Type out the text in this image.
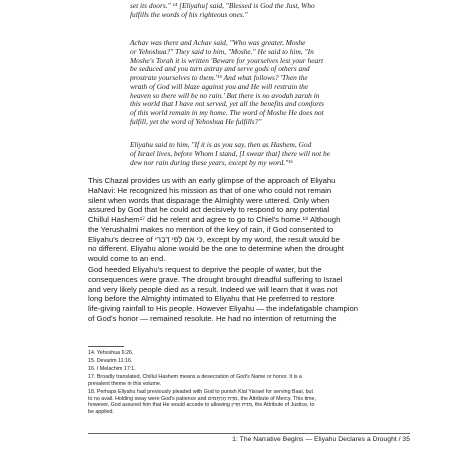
set its doors." ¹⁴ [Eliyahu] said, "Blessed is God the Just, Who
fulfills the words of his righteous ones."

Achav was there and Achav said, "Who was greater, Moshe
or Yehoshua?" They said to him, "Moshe." He said to him, "In
Moshe's Torah it is written 'Beware for yourselves lest your heart
be seduced and you turn astray and serve gods of others and
prostrate yourselves to them.'¹⁵ And what follows? 'Then the
wrath of God will blaze against you and He will restrain the
heaven so there will be no rain.' But there is no avodah zarah in
this world that I have not served, yet all the benefits and comforts
of this world remain in my home. The word of Moshe He does not
fulfill, yet the word of Yehoshua He fulfills?"

Eliyahu said to him, "If it is as you say, then as Hashem, God
of Israel lives, before Whom I stand, [I swear that] there will not be
dew nor rain during these years, except by my word."¹⁶

This Chazal provides us with an early glimpse of the approach of Eliyahu
HaNavi: He recognized his mission as that of one who could not remain
silent when words that disparage the Almighty were uttered. Only when
assured by God that he could act decisively to respond to any potential
Chillul Hashem¹⁷ did he relent and agree to go to Chiel's home.¹⁸ Although
the Yerushalmi makes no mention of the key of rain, if God consented to
Eliyahu's decree of כִּי אִם לְפִי דְבָרִי, except by my word, the result would be
no different. Eliyahu alone would be the one to determine when the drought
would come to an end.

God heeded Eliyahu's request to deprive the people of water, but the
consequences were grave. The drought brought dreadful suffering to Israel
and very likely people died as a result. Indeed we will learn that it was not
long before the Almighty intimated to Eliyahu that He preferred to restore
life-giving rainfall to His people. However Eliyahu — the indefatigable champion
of God's honor — remained resolute. He had no intention of returning the

14. Yehoshua 6:26.
15. Devarim 11:16.
16. I Melachim 17:1.
17. Broadly translated, Chillul Hashem means a desecration of God's Name or honor. It is a
prevalent theme in this volume.
18. Perhaps Eliyahu had previously pleaded with God to punish Klal Yisrael for serving Baal, but
to no avail. Holding sway were God's patience and מִדַּת הָרַחֲמִים, the Attribute of Mercy. This time,
however, God assured him that He would accede to allowing מִדַּת הַדִּין, the Attribute of Justice, to
be applied.
1: The Narrative Begins — Eliyahu Declares a Drought / 35
